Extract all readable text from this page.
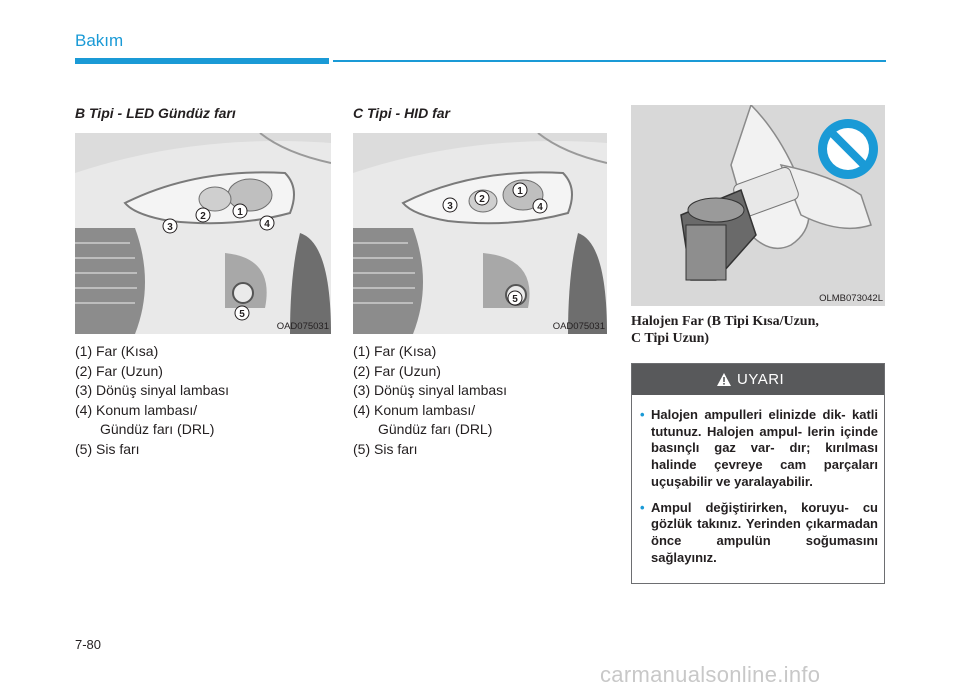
Bakım
B Tipi - LED Gündüz farı
3
2	1
4
5
OAD075031
(1) Far (Kısa)
(2) Far (Uzun)
(3) Dönüş sinyal lambası
(4) Konum lambası/
Gündüz farı (DRL)
(5) Sis farı
C Tipi - HID far
3
2
1
4
5
OAD075031
(1) Far (Kısa)
(2) Far (Uzun)
(3) Dönüş sinyal lambası
(4) Konum lambası/
Gündüz farı (DRL)
(5) Sis farı
OLMB073042L
Halojen Far (B Tipi Kısa/Uzun,
C Tipi Uzun)
UYARI
• Halojen ampulleri elinizde dik- katli tutunuz. Halojen ampul- lerin içinde basınçlı gaz var- dır; kırılması halinde çevreye cam parçaları uçuşabilir ve yaralayabilir.
• Ampul değiştirirken, koruyu- cu gözlük takınız. Yerinden çıkarmadan önce ampulün soğumasını sağlayınız.
7-80
carmanualsonline.info
